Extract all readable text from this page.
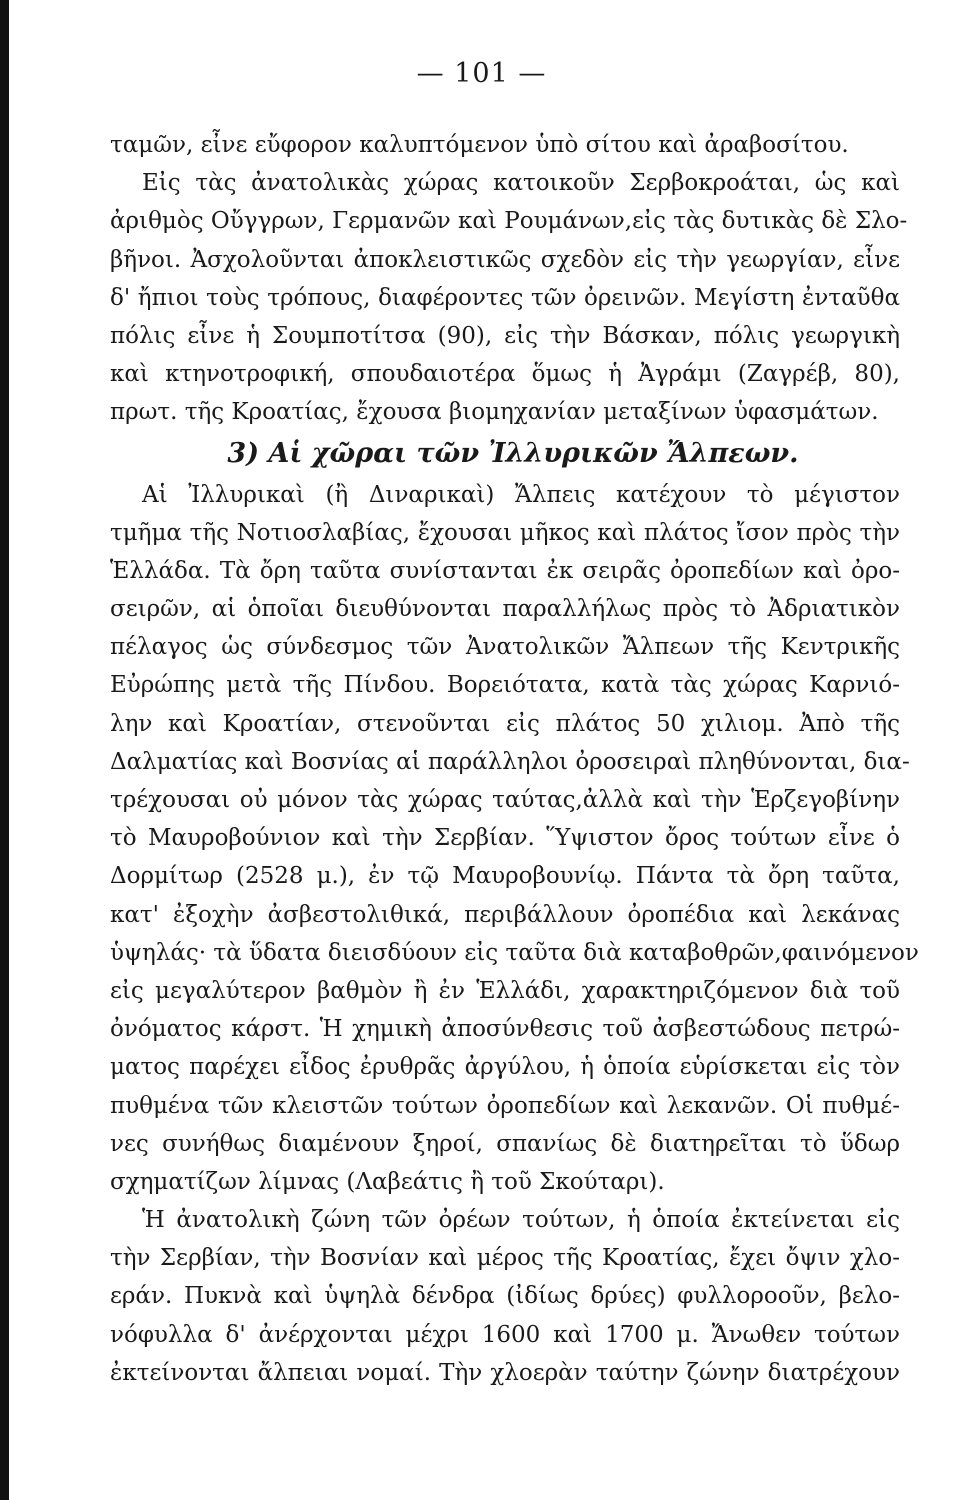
— 101 —
ταμῶν, εἶνε εὔφορον καλυπτόμενον ὑπὸ σίτου καὶ ἀραβοσίτου.
Εἰς τὰς ἀνατολικὰς χώρας κατοικοῦν Σερβοκροάται, ὡς καὶ
ἀριθμὸς Οὔγγρων, Γερμανῶν καὶ Ρουμάνων,εἰς τὰς δυτικὰς δὲ Σλο-
βῆνοι. Ἀσχολοῦνται ἀποκλειστικῶς σχεδὸν εἰς τὴν γεωργίαν, εἶνε
δ' ἤπιοι τοὺς τρόπους, διαφέροντες τῶν ὀρεινῶν. Μεγίστη ἐνταῦθα
πόλις εἶνε ἡ Σουμποτίτσα (90), εἰς τὴν Βάσκαν, πόλις γεωργικὴ
καὶ κτηνοτροφική, σπουδαιοτέρα ὅμως ἡ Ἀγράμι (Ζαγρέβ, 80),
πρωτ. τῆς Κροατίας, ἔχουσα βιομηχανίαν μεταξίνων ὑφασμάτων.
3) Αἱ χῶραι τῶν Ἰλλυρικῶν Ἄλπεων.
Αἱ Ἰλλυρικαὶ (ἢ Διναρικαὶ) Ἄλπεις κατέχουν τὸ μέγιστον
τμῆμα τῆς Νοτιοσλαβίας, ἔχουσαι μῆκος καὶ πλάτος ἴσον πρὸς τὴν
Ἑλλάδα. Τὰ ὄρη ταῦτα συνίστανται ἐκ σειρᾶς ὀροπεδίων καὶ ὀρο-
σειρῶν, αἱ ὁποῖαι διευθύνονται παραλλήλως πρὸς τὸ Ἀδριατικὸν
πέλαγος ὡς σύνδεσμος τῶν Ἀνατολικῶν Ἄλπεων τῆς Κεντρικῆς
Εὐρώπης μετὰ τῆς Πίνδου. Βορειότατα, κατὰ τὰς χώρας Καρνιό-
λην καὶ Κροατίαν, στενοῦνται εἰς πλάτος 50 χιλιομ. Ἀπὸ τῆς
Δαλματίας καὶ Βοσνίας αἱ παράλληλοι ὀροσειραὶ πληθύνονται, δια-
τρέχουσαι οὐ μόνον τὰς χώρας ταύτας,ἀλλὰ καὶ τὴν Ἑρζεγοβίνην
τὸ Μαυροβούνιον καὶ τὴν Σερβίαν. Ὕψιστον ὄρος τούτων εἶνε ὁ
Δορμίτωρ (2528 μ.), ἐν τῷ Μαυροβουνίῳ. Πάντα τὰ ὄρη ταῦτα,
κατ' ἐξοχὴν ἀσβεστολιθικά, περιβάλλουν ὀροπέδια καὶ λεκάνας
ὑψηλάς· τὰ ὕδατα διεισδύουν εἰς ταῦτα διὰ καταβοθρῶν,φαινόμενον
εἰς μεγαλύτερον βαθμὸν ἢ ἐν Ἑλλάδι, χαρακτηριζόμενον διὰ τοῦ
ὀνόματος κάρστ. Ἡ χημικὴ ἀποσύνθεσις τοῦ ἀσβεστώδους πετρώ-
ματος παρέχει εἶδος ἐρυθρᾶς ἀργύλου, ἡ ὁποία εὑρίσκεται εἰς τὸν
πυθμένα τῶν κλειστῶν τούτων ὀροπεδίων καὶ λεκανῶν. Οἱ πυθμέ-
νες συνήθως διαμένουν ξηροί, σπανίως δὲ διατηρεῖται τὸ ὕδωρ
σχηματίζων λίμνας (Λαβεάτις ἢ τοῦ Σκούταρι).
Ἡ ἀνατολικὴ ζώνη τῶν ὀρέων τούτων, ἡ ὁποία ἐκτείνεται εἰς
τὴν Σερβίαν, τὴν Βοσνίαν καὶ μέρος τῆς Κροατίας, ἔχει ὄψιν χλο-
εράν. Πυκνὰ καὶ ὑψηλὰ δένδρα (ἰδίως δρύες) φυλλοροοῦν, βελο-
νόφυλλα δ' ἀνέρχονται μέχρι 1600 καὶ 1700 μ. Ἄνωθεν τούτων
ἐκτείνονται ἄλπειαι νομαί. Τὴν χλοερὰν ταύτην ζώνην διατρέχουν
